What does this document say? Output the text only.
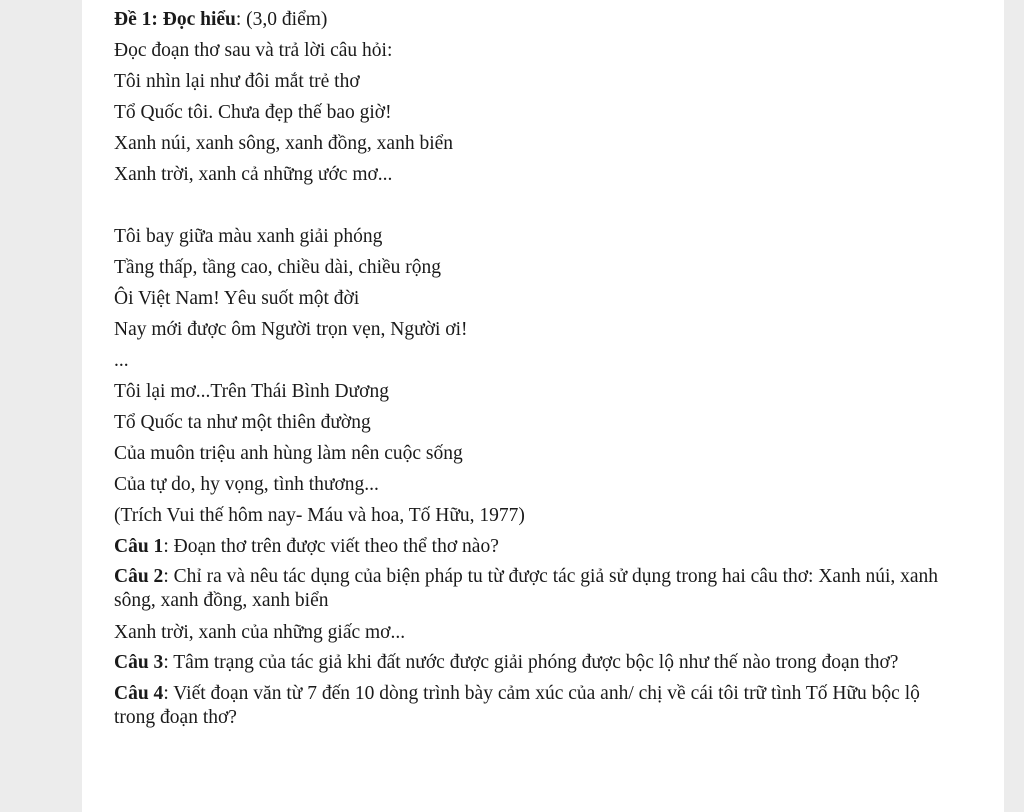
Đề 1: Đọc hiểu: (3,0 điểm)
Đọc đoạn thơ sau và trả lời câu hỏi:
Tôi nhìn lại như đôi mắt trẻ thơ
Tổ Quốc tôi. Chưa đẹp thế bao giờ!
Xanh núi, xanh sông, xanh đồng, xanh biển
Xanh trời, xanh cả những ước mơ...
Tôi bay giữa màu xanh giải phóng
Tầng thấp, tầng cao, chiều dài, chiều rộng
Ôi Việt Nam! Yêu suốt một đời
Nay mới được ôm Người trọn vẹn, Người ơi!
...
Tôi lại mơ...Trên Thái Bình Dương
Tổ Quốc ta như một thiên đường
Của muôn triệu anh hùng làm nên cuộc sống
Của tự do, hy vọng, tình thương...
(Trích Vui thế hôm nay- Máu và hoa, Tố Hữu, 1977)
Câu 1: Đoạn thơ trên được viết theo thể thơ nào?
Câu 2: Chỉ ra và nêu tác dụng của biện pháp tu từ được tác giả sử dụng trong hai câu thơ: Xanh núi, xanh sông, xanh đồng, xanh biển
Xanh trời, xanh của những giấc mơ...
Câu 3: Tâm trạng của tác giả khi đất nước được giải phóng được bộc lộ như thế nào trong đoạn thơ?
Câu 4: Viết đoạn văn từ 7 đến 10 dòng trình bày cảm xúc của anh/ chị về cái tôi trữ tình Tố Hữu bộc lộ trong đoạn thơ?
